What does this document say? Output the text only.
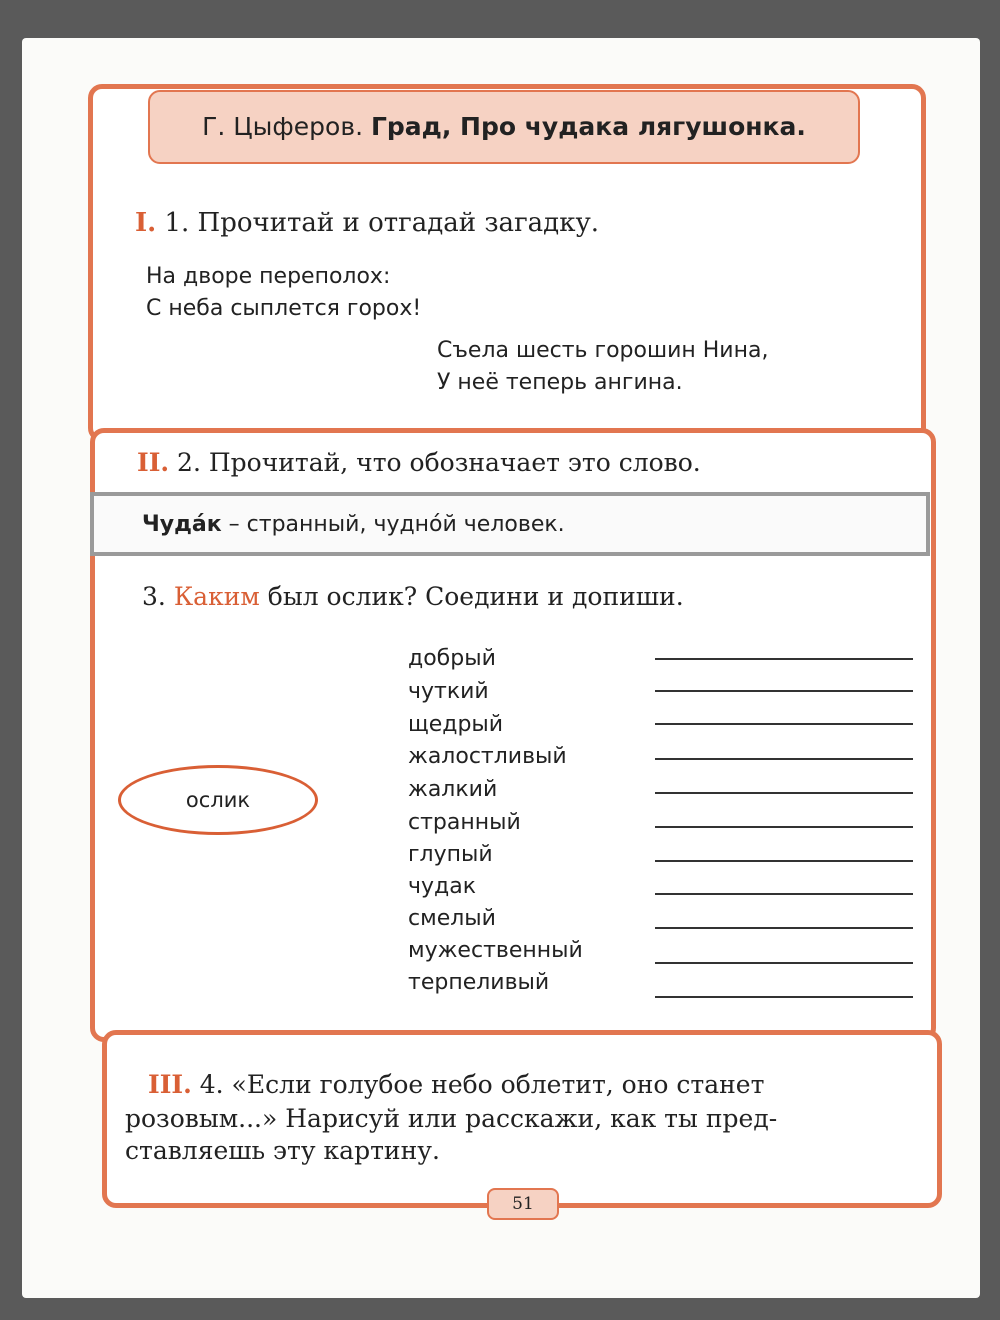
Г. Цыферов. Град, Про чудака лягушонка.
I. 1. Прочитай и отгадай загадку.
На дворе переполох:
С неба сыплется горох!
Съела шесть горошин Нина,
У неё теперь ангина.
II. 2. Прочитай, что обозначает это слово.
Чуда́к – странный, чудно́й человек.
3. Каким был ослик? Соедини и допиши.
ослик
добрый
чуткий
щедрый
жалостливый
жалкий
странный
глупый
чудак
смелый
мужественный
терпеливый
III. 4. «Если голубое небо облетит, оно станет
розовым...» Нарисуй или расскажи, как ты пред-
ставляешь эту картину.
51
